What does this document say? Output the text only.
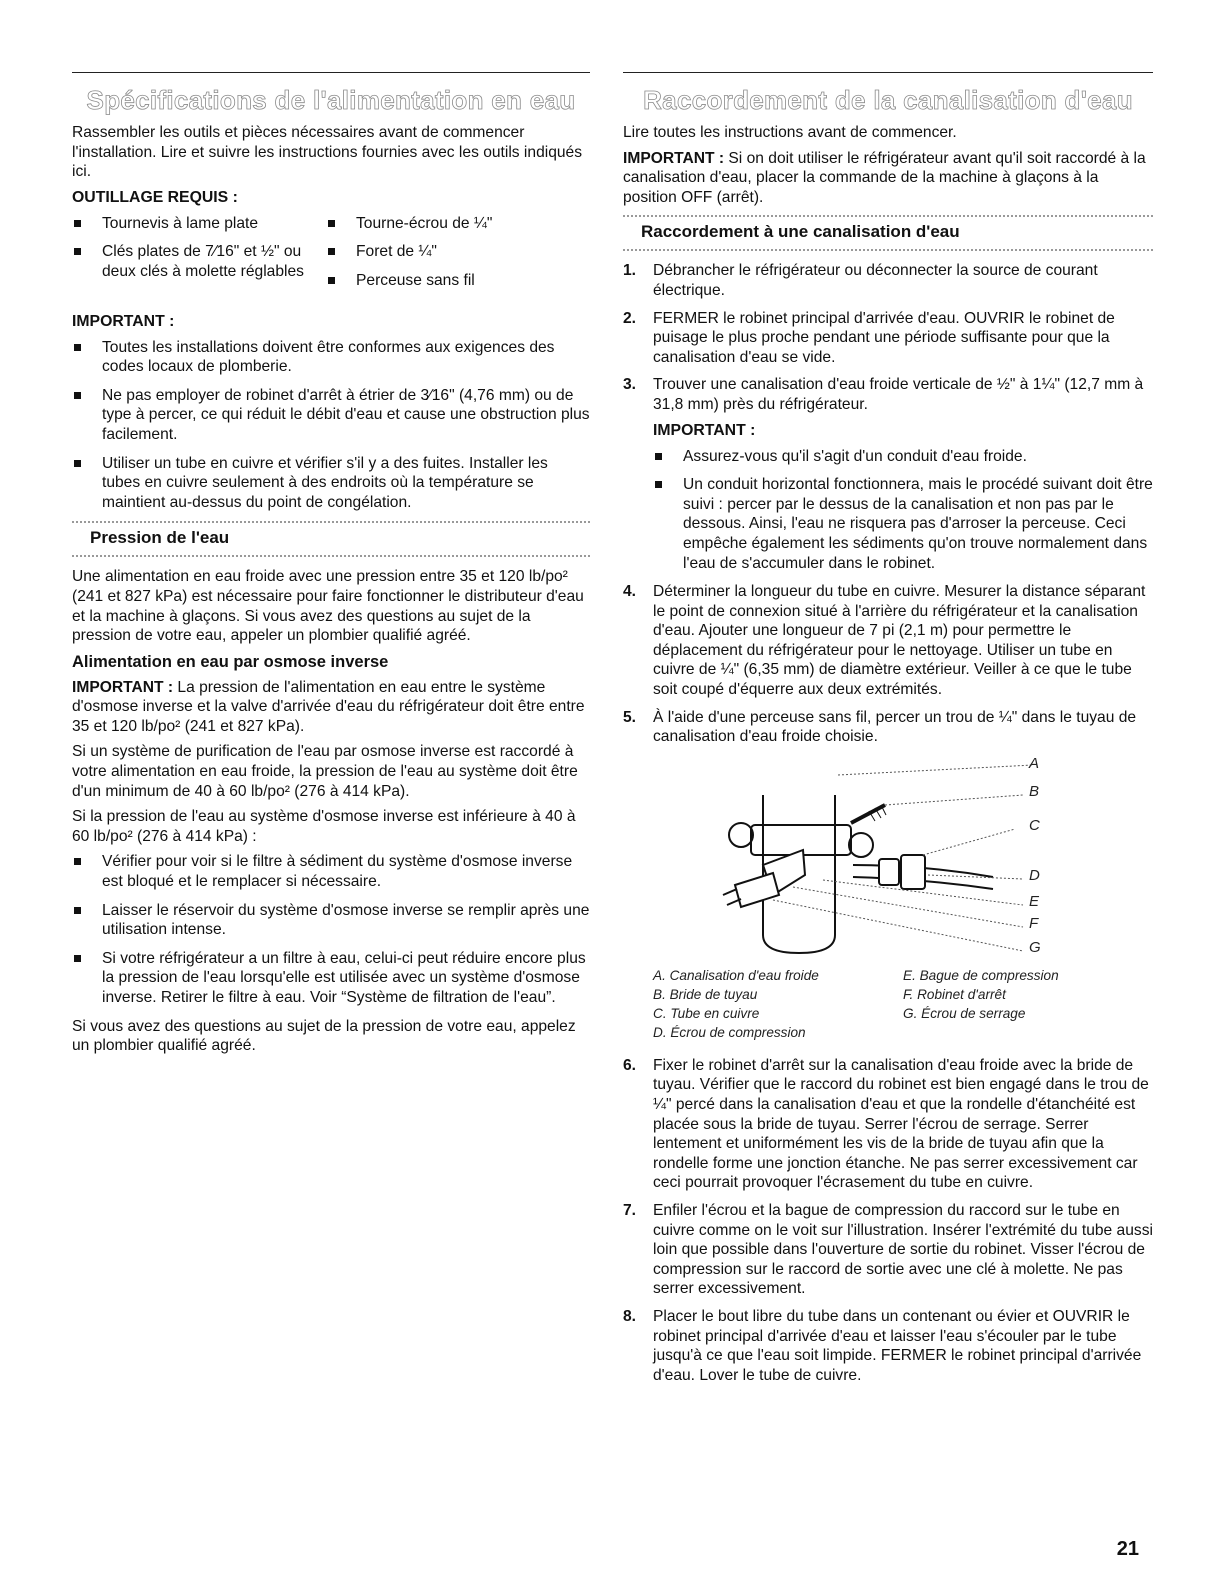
Spécifications de l'alimentation en eau

Rassembler les outils et pièces nécessaires avant de commencer l'installation. Lire et suivre les instructions fournies avec les outils indiqués ici.

OUTILLAGE REQUIS :
Tournevis à lame plate
Clés plates de 7⁄16" et ½" ou deux clés à molette réglables
Tourne-écrou de ¼"
Foret de ¼"
Perceuse sans fil
IMPORTANT :
Toutes les installations doivent être conformes aux exigences des codes locaux de plomberie.
Ne pas employer de robinet d'arrêt à étrier de 3⁄16" (4,76 mm) ou de type à percer, ce qui réduit le débit d'eau et cause une obstruction plus facilement.
Utiliser un tube en cuivre et vérifier s'il y a des fuites. Installer les tubes en cuivre seulement à des endroits où la température se maintient au-dessus du point de congélation.
Pression de l'eau

Une alimentation en eau froide avec une pression entre 35 et 120 lb/po² (241 et 827 kPa) est nécessaire pour faire fonctionner le distributeur d'eau et la machine à glaçons. Si vous avez des questions au sujet de la pression de votre eau, appeler un plombier qualifié agréé.

Alimentation en eau par osmose inverse

IMPORTANT : La pression de l'alimentation en eau entre le système d'osmose inverse et la valve d'arrivée d'eau du réfrigérateur doit être entre 35 et 120 lb/po² (241 et 827 kPa).

Si un système de purification de l'eau par osmose inverse est raccordé à votre alimentation en eau froide, la pression de l'eau au système doit être d'un minimum de 40 à 60 lb/po² (276 à 414 kPa).

Si la pression de l'eau au système d'osmose inverse est inférieure à 40 à 60 lb/po² (276 à 414 kPa) :

Vérifier pour voir si le filtre à sédiment du système d'osmose inverse est bloqué et le remplacer si nécessaire.
Laisser le réservoir du système d'osmose inverse se remplir après une utilisation intense.
Si votre réfrigérateur a un filtre à eau, celui-ci peut réduire encore plus la pression de l'eau lorsqu'elle est utilisée avec un système d'osmose inverse. Retirer le filtre à eau. Voir “Système de filtration de l'eau”.

Si vous avez des questions au sujet de la pression de votre eau, appelez un plombier qualifié agréé.

Raccordement de la canalisation d'eau

Lire toutes les instructions avant de commencer.

IMPORTANT : Si on doit utiliser le réfrigérateur avant qu'il soit raccordé à la canalisation d'eau, placer la commande de la machine à glaçons à la position OFF (arrêt).

Raccordement à une canalisation d'eau
1. Débrancher le réfrigérateur ou déconnecter la source de courant électrique.
2. FERMER le robinet principal d'arrivée d'eau. OUVRIR le robinet de puisage le plus proche pendant une période suffisante pour que la canalisation d'eau se vide.
3. Trouver une canalisation d'eau froide verticale de ½" à 1¼" (12,7 mm à 31,8 mm) près du réfrigérateur.
IMPORTANT :
Assurez-vous qu'il s'agit d'un conduit d'eau froide.
Un conduit horizontal fonctionnera, mais le procédé suivant doit être suivi : percer par le dessus de la canalisation et non pas par le dessous. Ainsi, l'eau ne risquera pas d'arroser la perceuse. Ceci empêche également les sédiments qu'on trouve normalement dans l'eau de s'accumuler dans le robinet.
4. Déterminer la longueur du tube en cuivre. Mesurer la distance séparant le point de connexion situé à l'arrière du réfrigérateur et la canalisation d'eau. Ajouter une longueur de 7 pi (2,1 m) pour permettre le déplacement du réfrigérateur pour le nettoyage. Utiliser un tube en cuivre de ¼" (6,35 mm) de diamètre extérieur. Veiller à ce que le tube soit coupé d'équerre aux deux extrémités.
5. À l'aide d'une perceuse sans fil, percer un trou de ¼" dans le tuyau de canalisation d'eau froide choisie.
A
B
C
D
E
F
G
A. Canalisation d'eau froide
B. Bride de tuyau
C. Tube en cuivre
D. Écrou de compression
E. Bague de compression
F. Robinet d'arrêt
G. Écrou de serrage
6. Fixer le robinet d'arrêt sur la canalisation d'eau froide avec la bride de tuyau. Vérifier que le raccord du robinet est bien engagé dans le trou de ¼" percé dans la canalisation d'eau et que la rondelle d'étanchéité est placée sous la bride de tuyau. Serrer l'écrou de serrage. Serrer lentement et uniformément les vis de la bride de tuyau afin que la rondelle forme une jonction étanche. Ne pas serrer excessivement car ceci pourrait provoquer l'écrasement du tube en cuivre.
7. Enfiler l'écrou et la bague de compression du raccord sur le tube en cuivre comme on le voit sur l'illustration. Insérer l'extrémité du tube aussi loin que possible dans l'ouverture de sortie du robinet. Visser l'écrou de compression sur le raccord de sortie avec une clé à molette. Ne pas serrer excessivement.
8. Placer le bout libre du tube dans un contenant ou évier et OUVRIR le robinet principal d'arrivée d'eau et laisser l'eau s'écouler par le tube jusqu'à ce que l'eau soit limpide. FERMER le robinet principal d'arrivée d'eau. Lover le tube de cuivre.
21
